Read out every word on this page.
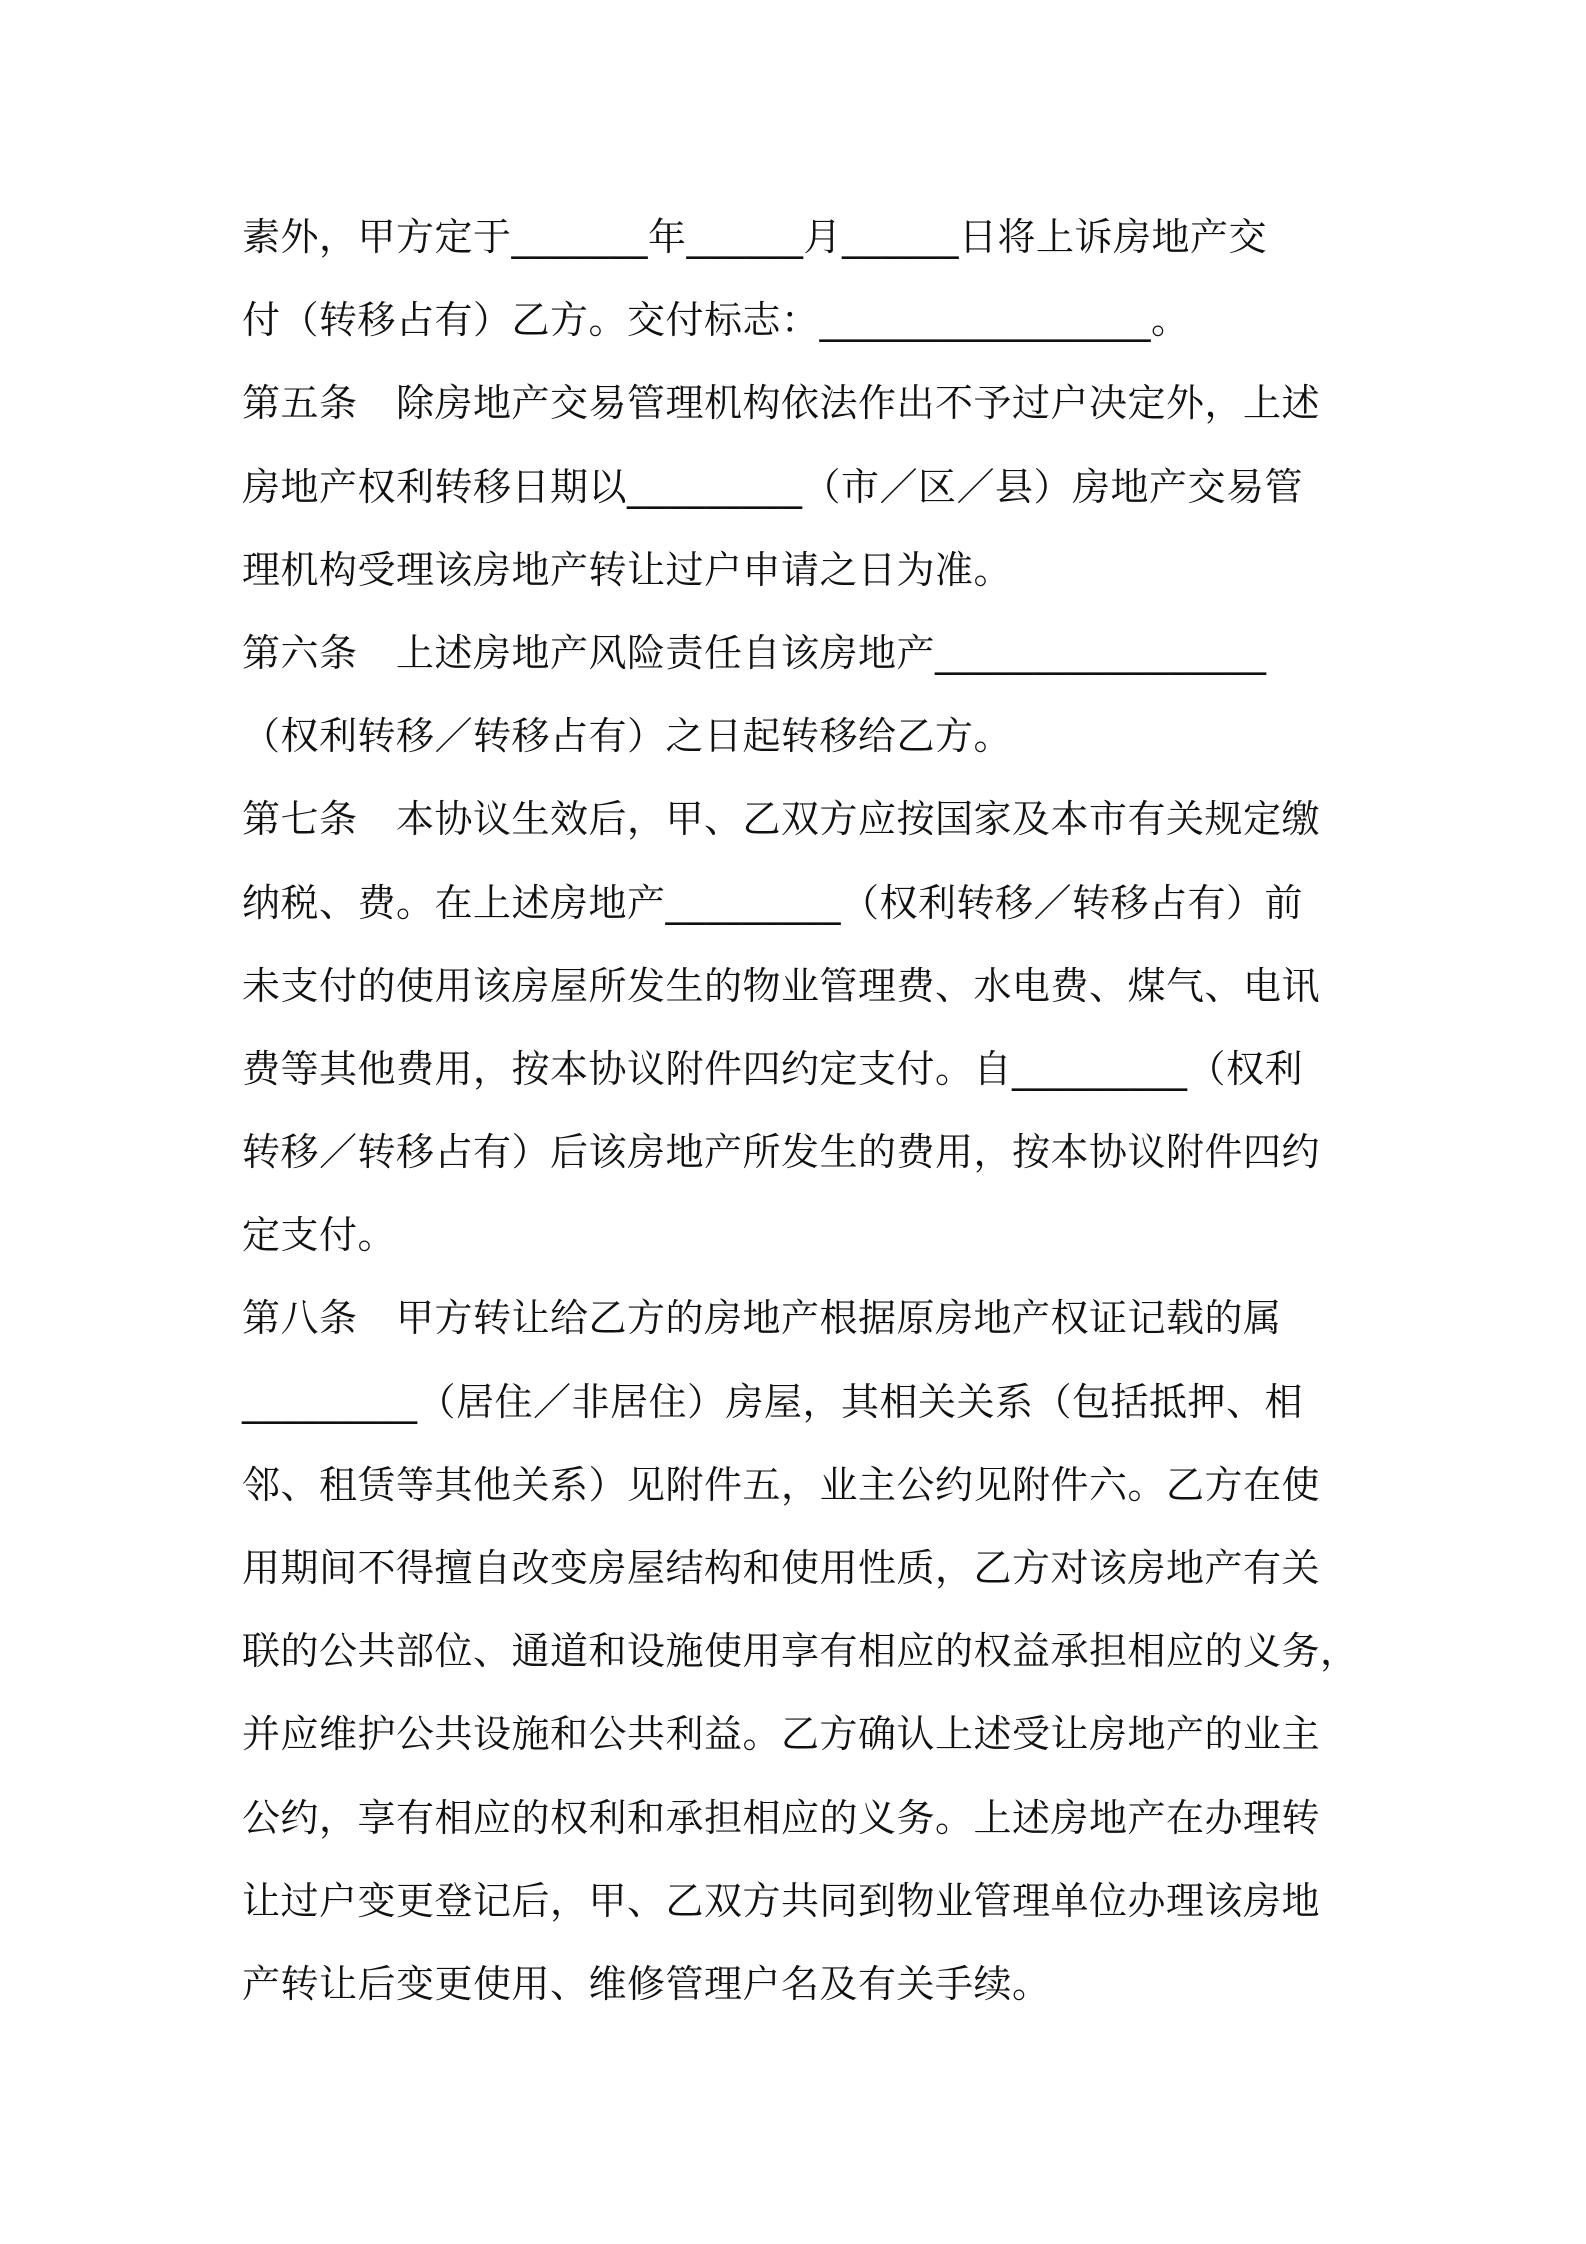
素外，甲方定于_______年______月______日将上诉房地产交
付（转移占有）乙方。交付标志：_________________。
第五条　除房地产交易管理机构依法作出不予过户决定外，上述
房地产权利转移日期以_________（市／区／县）房地产交易管
理机构受理该房地产转让过户申请之日为准。
第六条　上述房地产风险责任自该房地产_________________
（权利转移／转移占有）之日起转移给乙方。
第七条　本协议生效后，甲、乙双方应按国家及本市有关规定缴
纳税、费。在上述房地产_________（权利转移／转移占有）前
未支付的使用该房屋所发生的物业管理费、水电费、煤气、电讯
费等其他费用，按本协议附件四约定支付。自_________（权利
转移／转移占有）后该房地产所发生的费用，按本协议附件四约
定支付。
第八条　甲方转让给乙方的房地产根据原房地产权证记载的属
_________（居住／非居住）房屋，其相关关系（包括抵押、相
邻、租赁等其他关系）见附件五，业主公约见附件六。乙方在使
用期间不得擅自改变房屋结构和使用性质，乙方对该房地产有关
联的公共部位、通道和设施使用享有相应的权益承担相应的义务，
并应维护公共设施和公共利益。乙方确认上述受让房地产的业主
公约，享有相应的权利和承担相应的义务。上述房地产在办理转
让过户变更登记后，甲、乙双方共同到物业管理单位办理该房地
产转让后变更使用、维修管理户名及有关手续。
